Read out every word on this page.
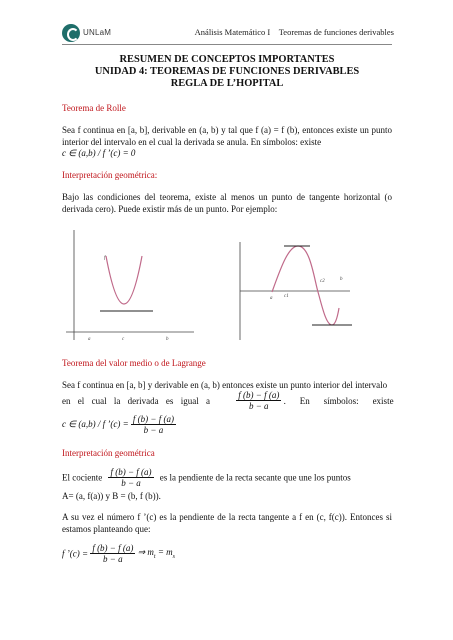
UNLaM	Análisis Matemático I Teoremas de funciones derivables
RESUMEN DE CONCEPTOS IMPORTANTES
UNIDAD 4: TEOREMAS DE FUNCIONES DERIVABLES
REGLA DE L’HOPITAL
Teorema de Rolle
Sea f continua en [a, b], derivable en (a, b) y tal que f (a) = f (b), entonces existe un punto interior del intervalo en el cual la derivada se anula. En símbolos: existe
c ∈ (a,b) / f ’(c) = 0
Interpretación geométrica:
Bajo las condiciones del teorema, existe al menos un punto de tangente horizontal (o derivada cero). Puede existir más de un punto. Por ejemplo:
f
a	c	b
a c1
c2	b
Teorema del valor medio o de Lagrange
Sea f continua en [a, b] y derivable en (a, b) entonces existe un punto interior del intervalo
en el cual la derivada es igual a	$\frac{f (b) - f (a)}{b - a}$ . En símbolos: existe
c ∈ (a,b) / f ’(c) = $\frac{f (b) - f (a)}{b - a}$
Interpretación geométrica
El cociente $\frac{f (b) - f (a)}{b - a}$ es la pendiente de la recta secante que une los puntos
A= (a, f(a)) y B = (b, f (b)).
A su vez el número f ’(c) es la pendiente de la recta tangente a f en (c, f(c)). Entonces si estamos planteando que:
f ’(c) = $\frac{f (b) - f (a)}{b - a}$ ⇒ $m_t = m_s$
